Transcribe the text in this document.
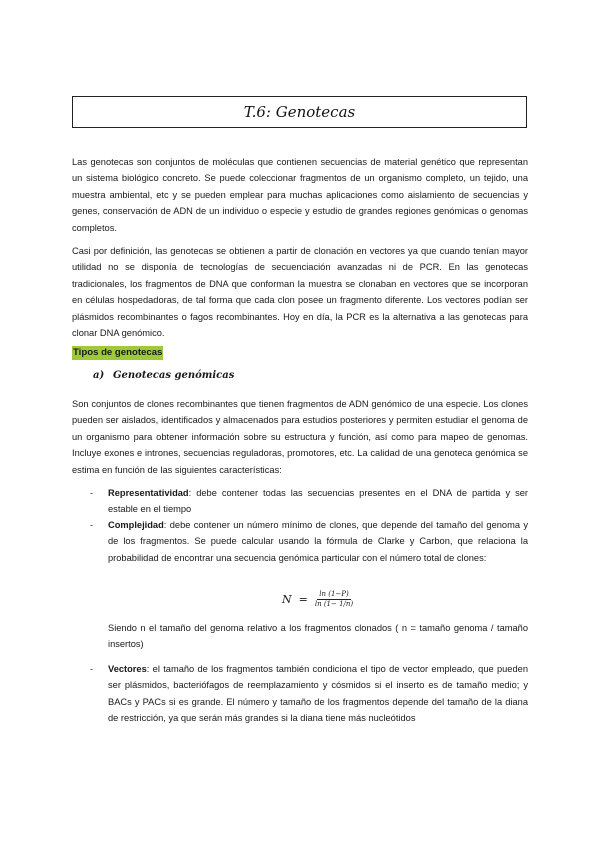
T.6: Genotecas

Las genotecas son conjuntos de moléculas que contienen secuencias de material genético que representan un sistema biológico concreto. Se puede coleccionar fragmentos de un organismo completo, un tejido, una muestra ambiental, etc y se pueden emplear para muchas aplicaciones como aislamiento de secuencias y genes, conservación de ADN de un individuo o especie y estudio de grandes regiones genómicas o genomas completos.

Casi por definición, las genotecas se obtienen a partir de clonación en vectores ya que cuando tenían mayor utilidad no se disponía de tecnologías de secuenciación avanzadas ni de PCR. En las genotecas tradicionales, los fragmentos de DNA que conforman la muestra se clonaban en vectores que se incorporan en células hospedadoras, de tal forma que cada clon posee un fragmento diferente. Los vectores podían ser plásmidos recombinantes o fagos recombinantes. Hoy en día, la PCR es la alternativa a las genotecas para clonar DNA genómico.

Tipos de genotecas
a) Genotecas genómicas

Son conjuntos de clones recombinantes que tienen fragmentos de ADN genómico de una especie. Los clones pueden ser aislados, identificados y almacenados para estudios posteriores y permiten estudiar el genoma de un organismo para obtener información sobre su estructura y función, así como para mapeo de genomas. Incluye exones e intrones, secuencias reguladoras, promotores, etc. La calidad de una genoteca genómica se estima en función de las siguientes características:

- Representatividad: debe contener todas las secuencias presentes en el DNA de partida y ser estable en el tiempo
- Complejidad: debe contener un número mínimo de clones, que depende del tamaño del genoma y de los fragmentos. Se puede calcular usando la fórmula de Clarke y Carbon, que relaciona la probabilidad de encontrar una secuencia genómica particular con el número total de clones:
$N = \frac{\ln (1-P)}{\ln (1- 1/n)}$

Siendo n el tamaño del genoma relativo a los fragmentos clonados ( n = tamaño genoma / tamaño insertos)

- Vectores: el tamaño de los fragmentos también condiciona el tipo de vector empleado, que pueden ser plásmidos, bacteriófagos de reemplazamiento y cósmidos si el inserto es de tamaño medio; y BACs y PACs si es grande. El número y tamaño de los fragmentos depende del tamaño de la diana de restricción, ya que serán más grandes si la diana tiene más nucleótidos
